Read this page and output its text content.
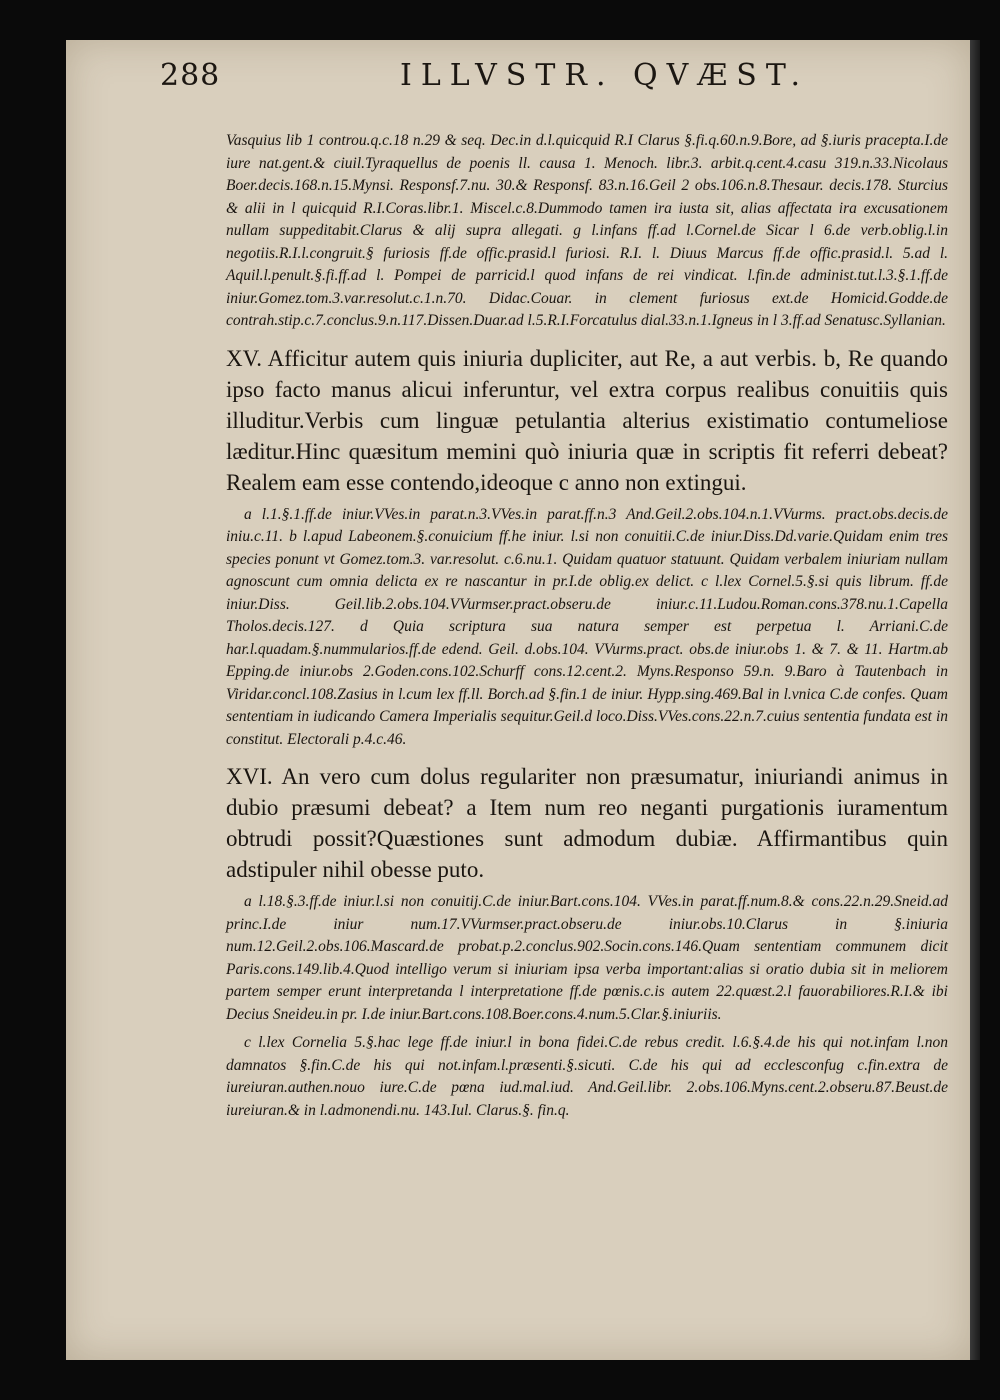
288	ILLVSTR. QVÆST.

Vasquius lib 1 controu.q.c.18 n.29 & seq. Dec.in d.l.quicquid R.I Clarus §.fi.q.60.n.9.Bore, ad §.iuris pracepta.I.de iure nat.gent.& ciuil.Tyraquellus de poenis ll. causa 1. Menoch. libr.3. arbit.q.cent.4.casu 319.n.33.Nicolaus Boer.decis.168.n.15.Mynsi. Responsf.7.nu. 30.& Responsf. 83.n.16.Geil 2 obs.106.n.8.Thesaur. decis.178. Sturcius & alii in l quicquid R.I.Coras.libr.1. Miscel.c.8.Dummodo tamen ira iusta sit, alias affectata ira excusationem nullam suppeditabit.Clarus & alij supra allegati. g l.infans ff.ad l.Cornel.de Sicar l 6.de verb.oblig.l.in negotiis.R.I.l.congruit.§ furiosis ff.de offic.prasid.l furiosi. R.I. l. Diuus Marcus ff.de offic.prasid.l. 5.ad l. Aquil.l.penult.§.fi.ff.ad l. Pompei de parricid.l quod infans de rei vindicat. l.fin.de administ.tut.l.3.§.1.ff.de iniur.Gomez.tom.3.var.resolut.c.1.n.70. Didac.Couar. in clement furiosus ext.de Homicid.Godde.de contrah.stip.c.7.conclus.9.n.117.Dissen.Duar.ad l.5.R.I.Forcatulus dial.33.n.1.Igneus in l 3.ff.ad Senatusc.Syllanian.

XV. Afficitur autem quis iniuria dupliciter, aut Re, a aut verbis. b, Re quando ipso facto manus alicui inferuntur, vel extra corpus realibus conuitiis quis illuditur.Verbis cum linguæ petulantia alterius existimatio contumeliose læditur.Hinc quæsitum memini quò iniuria quæ in scriptis fit referri debeat? Realem eam esse contendo,ideoque c anno non extingui.

a l.1.§.1.ff.de iniur.VVes.in parat.n.3.VVes.in parat.ff.n.3 And.Geil.2.obs.104.n.1.VVurms. pract.obs.decis.de iniu.c.11. b l.apud Labeonem.§.conuicium ff.he iniur. l.si non conuitii.C.de iniur.Diss.Dd.varie.Quidam enim tres species ponunt vt Gomez.tom.3. var.resolut. c.6.nu.1. Quidam quatuor statuunt. Quidam verbalem iniuriam nullam agnoscunt cum omnia delicta ex re nascantur in pr.I.de oblig.ex delict. c l.lex Cornel.5.§.si quis librum. ff.de iniur.Diss. Geil.lib.2.obs.104.VVurmser.pract.obseru.de iniur.c.11.Ludou.Roman.cons.378.nu.1.Capella Tholos.decis.127. d Quia scriptura sua natura semper est perpetua l. Arriani.C.de har.l.quadam.§.nummularios.ff.de edend. Geil. d.obs.104. VVurms.pract. obs.de iniur.obs 1. & 7. & 11. Hartm.ab Epping.de iniur.obs 2.Goden.cons.102.Schurff cons.12.cent.2. Myns.Responso 59.n. 9.Baro à Tautenbach in Viridar.concl.108.Zasius in l.cum lex ff.ll. Borch.ad §.fin.1 de iniur. Hypp.sing.469.Bal in l.vnica C.de confes. Quam sententiam in iudicando Camera Imperialis sequitur.Geil.d loco.Diss.VVes.cons.22.n.7.cuius sententia fundata est in constitut. Electorali p.4.c.46.

XVI. An vero cum dolus regulariter non præsumatur, iniuriandi animus in dubio præsumi debeat? a Item num reo neganti purgationis iuramentum obtrudi possit?Quæstiones sunt admodum dubiæ. Affirmantibus quin adstipuler nihil obesse puto.

a l.18.§.3.ff.de iniur.l.si non conuitij.C.de iniur.Bart.cons.104. VVes.in parat.ff.num.8.& cons.22.n.29.Sneid.ad princ.I.de iniur num.17.VVurmser.pract.obseru.de iniur.obs.10.Clarus in §.iniuria num.12.Geil.2.obs.106.Mascard.de probat.p.2.conclus.902.Socin.cons.146.Quam sententiam communem dicit Paris.cons.149.lib.4.Quod intelligo verum si iniuriam ipsa verba important:alias si oratio dubia sit in meliorem partem semper erunt interpretanda l interpretatione ff.de pœnis.c.is autem 22.quæst.2.l fauorabiliores.R.I.& ibi Decius Sneideu.in pr. I.de iniur.Bart.cons.108.Boer.cons.4.num.5.Clar.§.iniuriis.

c l.lex Cornelia 5.§.hac lege ff.de iniur.l in bona fidei.C.de rebus credit. l.6.§.4.de his qui not.infam l.non damnatos §.fin.C.de his qui not.infam.l.præsenti.§.sicuti. C.de his qui ad ecclesconfug c.fin.extra de iureiuran.authen.nouo iure.C.de pœna iud.mal.iud. And.Geil.libr. 2.obs.106.Myns.cent.2.obseru.87.Beust.de iureiuran.& in l.admonendi.nu. 143.Iul. Clarus.§. fin.q.
